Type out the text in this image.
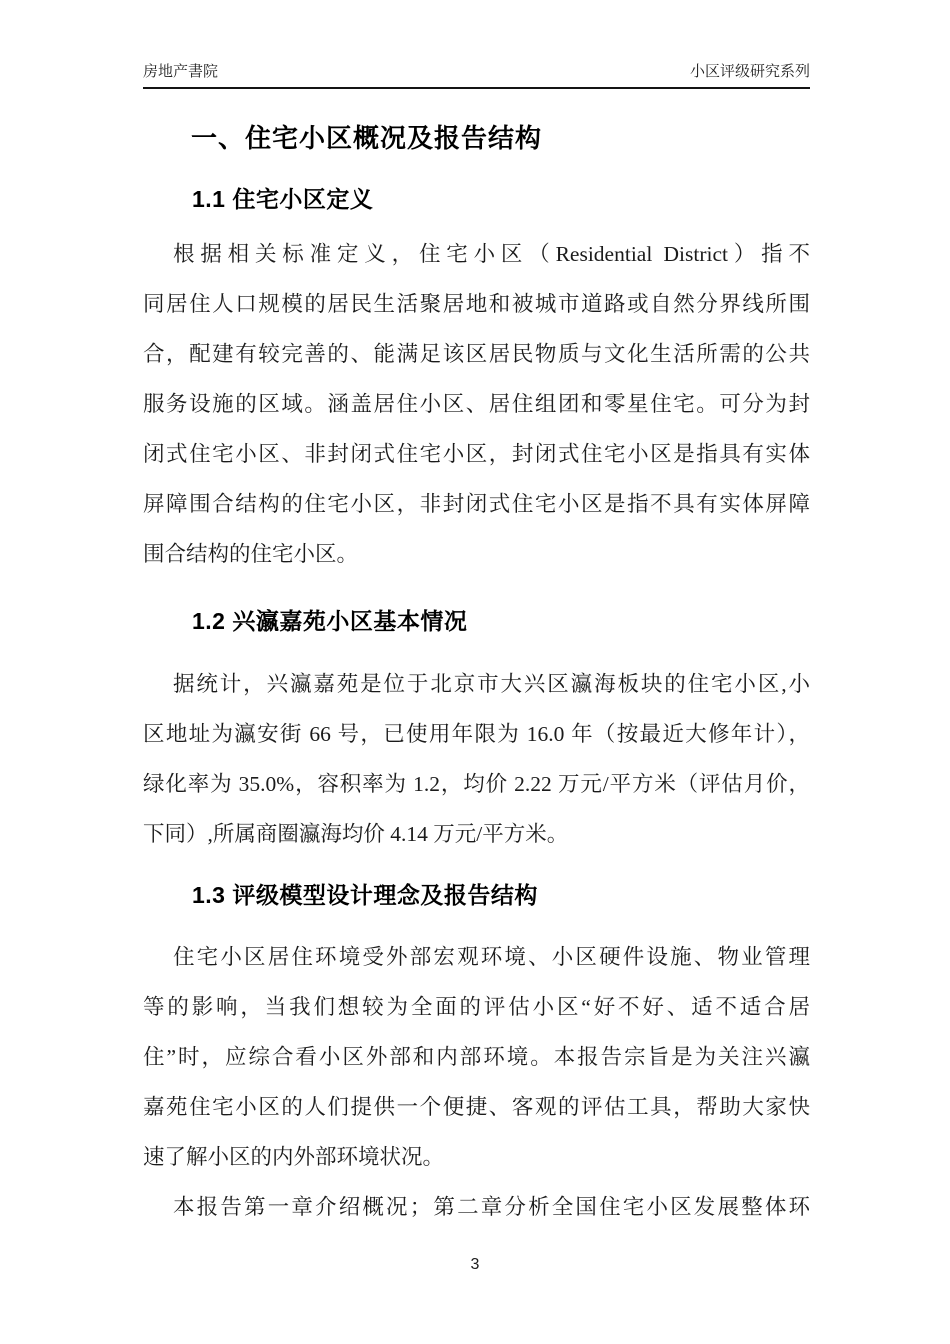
房地产書院	小区评级研究系列
一、住宅小区概况及报告结构
1.1 住宅小区定义
根据相关标准定义，住宅小区（Residential District）指不
同居住人口规模的居民生活聚居地和被城市道路或自然分界线所围
合，配建有较完善的、能满足该区居民物质与文化生活所需的公共
服务设施的区域。涵盖居住小区、居住组团和零星住宅。可分为封
闭式住宅小区、非封闭式住宅小区，封闭式住宅小区是指具有实体
屏障围合结构的住宅小区，非封闭式住宅小区是指不具有实体屏障
围合结构的住宅小区。
1.2 兴瀛嘉苑小区基本情况
据统计，兴瀛嘉苑是位于北京市大兴区瀛海板块的住宅小区,小
区地址为瀛安街 66 号，已使用年限为 16.0 年（按最近大修年计），
绿化率为 35.0%，容积率为 1.2，均价 2.22 万元/平方米（评估月价，
下同）,所属商圈瀛海均价 4.14 万元/平方米。
1.3 评级模型设计理念及报告结构
住宅小区居住环境受外部宏观环境、小区硬件设施、物业管理
等的影响，当我们想较为全面的评估小区“好不好、适不适合居
住”时，应综合看小区外部和内部环境。本报告宗旨是为关注兴瀛
嘉苑住宅小区的人们提供一个便捷、客观的评估工具，帮助大家快
速了解小区的内外部环境状况。
本报告第一章介绍概况；第二章分析全国住宅小区发展整体环
3
